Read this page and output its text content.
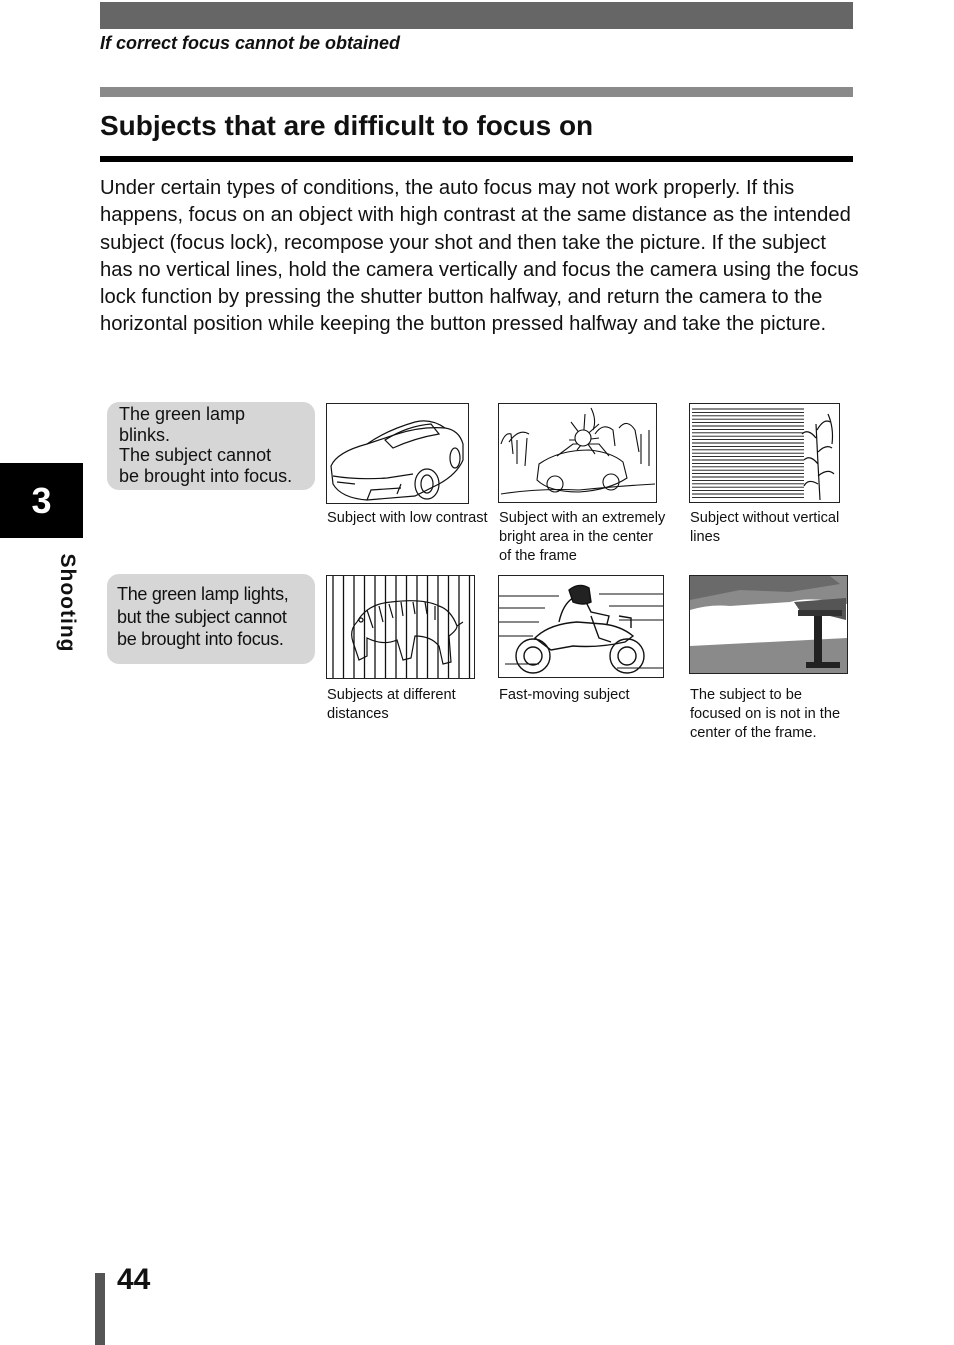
If correct focus cannot be obtained
Subjects that are difficult to focus on

Under certain types of conditions, the auto focus may not work properly. If this happens, focus on an object with high contrast at the same distance as the intended subject (focus lock), recompose your shot and then take the picture. If the subject has no vertical lines, hold the camera vertically and focus the camera using the focus lock function by pressing the shutter button halfway, and return the camera to the horizontal position while keeping the button pressed halfway and take the picture.

3
Shooting
The green lamp
blinks.
The subject cannot
be brought into focus.
The green lamp lights,
but the subject cannot
be brought into focus.
Subject with low contrast Subject with an extremely bright area in the center of the frame
Subject without vertical lines
Subjects at different distances
Fast-moving subject	The subject to be focused on is not in the center of the frame.
44
